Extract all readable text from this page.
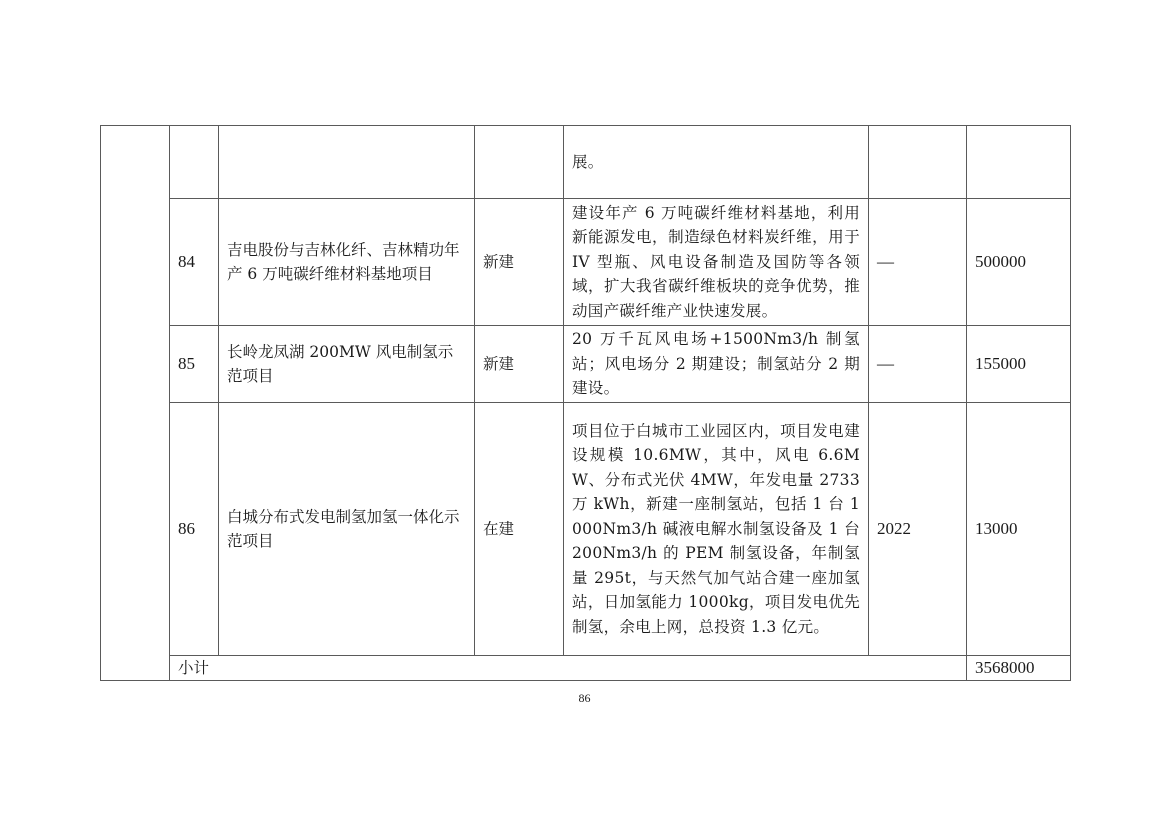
				展。		
	84	吉电股份与吉林化纤、吉林精功年产 6 万吨碳纤维材料基地项目	新建	建设年产 6 万吨碳纤维材料基地，利用新能源发电，制造绿色材料炭纤维，用于 IV 型瓶、风电设备制造及国防等各领域，扩大我省碳纤维板块的竞争优势，推动国产碳纤维产业快速发展。	—	500000
	85	长岭龙凤湖 200MW 风电制氢示范项目	新建	20 万千瓦风电场+1500Nm3/h 制氢站；风电场分 2 期建设；制氢站分 2 期建设。	—	155000
	86	白城分布式发电制氢加氢一体化示范项目	在建	项目位于白城市工业园区内，项目发电建设规模 10.6MW，其中，风电 6.6MW、分布式光伏 4MW，年发电量 2733 万 kWh，新建一座制氢站，包括 1 台 1000Nm3/h 碱液电解水制氢设备及 1 台 200Nm3/h 的 PEM 制氢设备，年制氢量 295t，与天然气加气站合建一座加氢站，日加氢能力 1000kg，项目发电优先制氢，余电上网，总投资 1.3 亿元。	2022	13000
	小计					3568000
86
